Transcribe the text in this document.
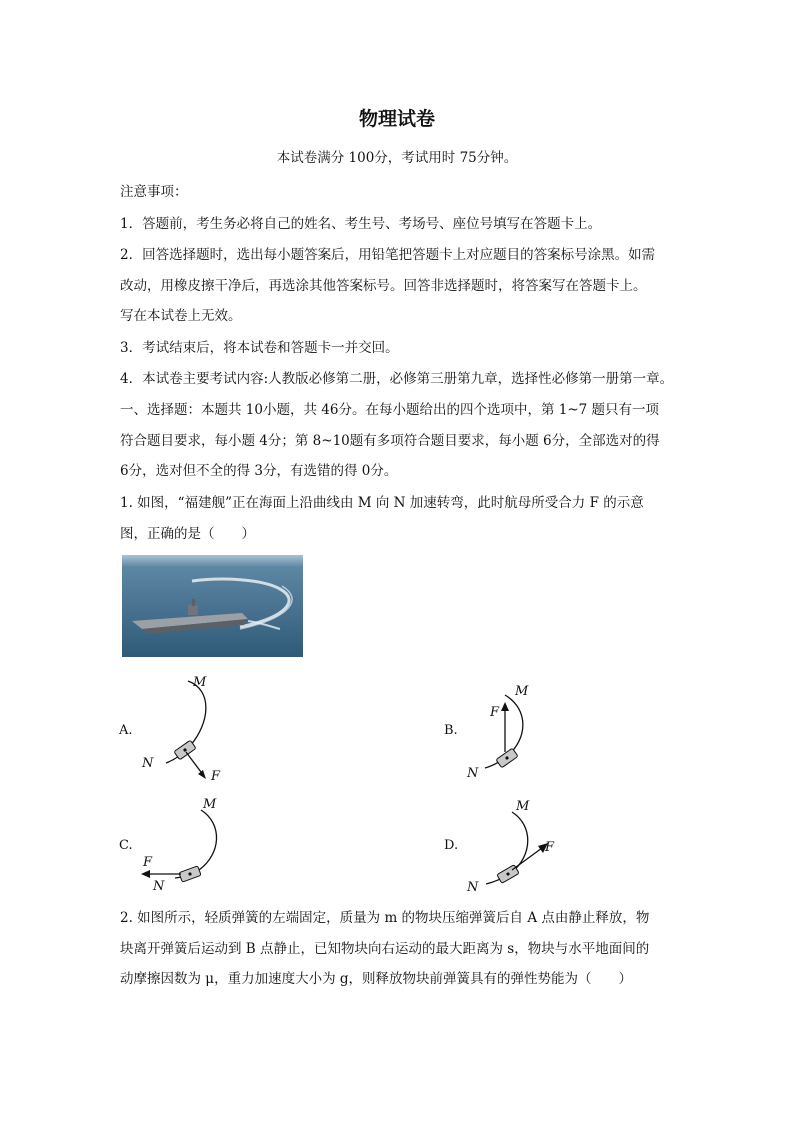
物理试卷
本试卷满分 100分，考试用时 75分钟。
注意事项：
1．答题前，考生务必将自己的姓名、考生号、考场号、座位号填写在答题卡上。
2．回答选择题时，选出每小题答案后，用铅笔把答题卡上对应题目的答案标号涂黑。如需
改动，用橡皮擦干净后，再选涂其他答案标号。回答非选择题时，将答案写在答题卡上。
写在本试卷上无效。
3．考试结束后，将本试卷和答题卡一并交回。
4．本试卷主要考试内容:人教版必修第二册，必修第三册第九章，选择性必修第一册第一章。
一、选择题：本题共 10小题，共 46分。在每小题给出的四个选项中，第 1~7 题只有一项
符合题目要求，每小题 4分；第 8~10题有多项符合题目要求，每小题 6分，全部选对的得
6分，选对但不全的得 3分，有选错的得 0分。
1. 如图，“福建舰”正在海面上沿曲线由 M 向 N 加速转弯，此时航母所受合力 F 的示意
图，正确的是（　　）
A.
M
N
F
B.
M
F
N
C.
M
F
N
D.
M
F
N
2. 如图所示，轻质弹簧的左端固定，质量为 m 的物块压缩弹簧后自 A 点由静止释放，物
块离开弹簧后运动到 B 点静止，已知物块向右运动的最大距离为 s，物块与水平地面间的
动摩擦因数为 μ，重力加速度大小为 g，则释放物块前弹簧具有的弹性势能为（　　）
